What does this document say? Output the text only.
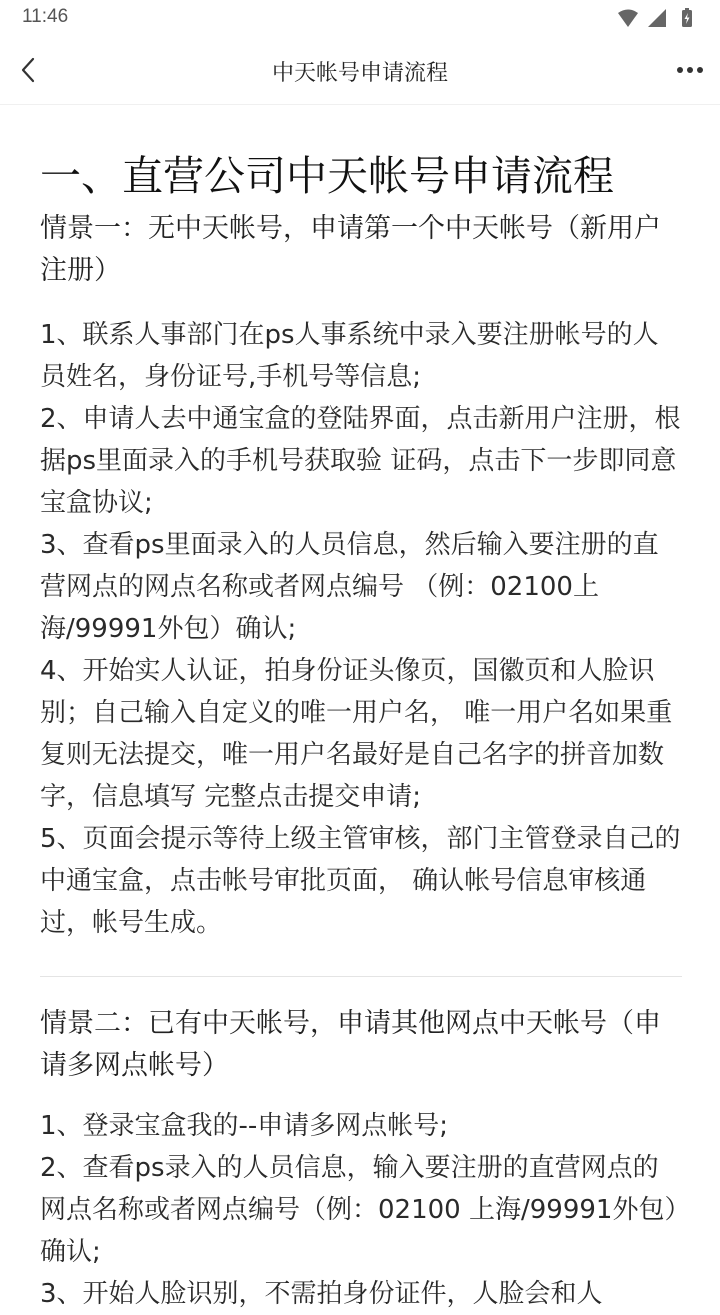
11:46
中天帐号申请流程
一、直营公司中天帐号申请流程
情景一：无中天帐号，申请第一个中天帐号（新用户注册）
1、联系人事部门在ps人事系统中录入要注册帐号的人员姓名，身份证号,手机号等信息;
2、申请人去中通宝盒的登陆界面，点击新用户注册，根据ps里面录入的手机号获取验 证码，点击下一步即同意宝盒协议;
3、查看ps里面录入的人员信息，然后输入要注册的直营网点的网点名称或者网点编号 （例：02100上海/99991外包）确认;
4、开始实人认证，拍身份证头像页，国徽页和人脸识别；自己输入自定义的唯一用户名， 唯一用户名如果重复则无法提交，唯一用户名最好是自己名字的拼音加数字，信息填写 完整点击提交申请;
5、页面会提示等待上级主管审核，部门主管登录自己的中通宝盒，点击帐号审批页面， 确认帐号信息审核通过，帐号生成。
情景二：已有中天帐号，申请其他网点中天帐号（申请多网点帐号）
1、登录宝盒我的--申请多网点帐号;
2、查看ps录入的人员信息，输入要注册的直营网点的网点名称或者网点编号（例：02100 上海/99991外包）确认;
3、开始人脸识别，不需拍身份证件，人脸会和人
